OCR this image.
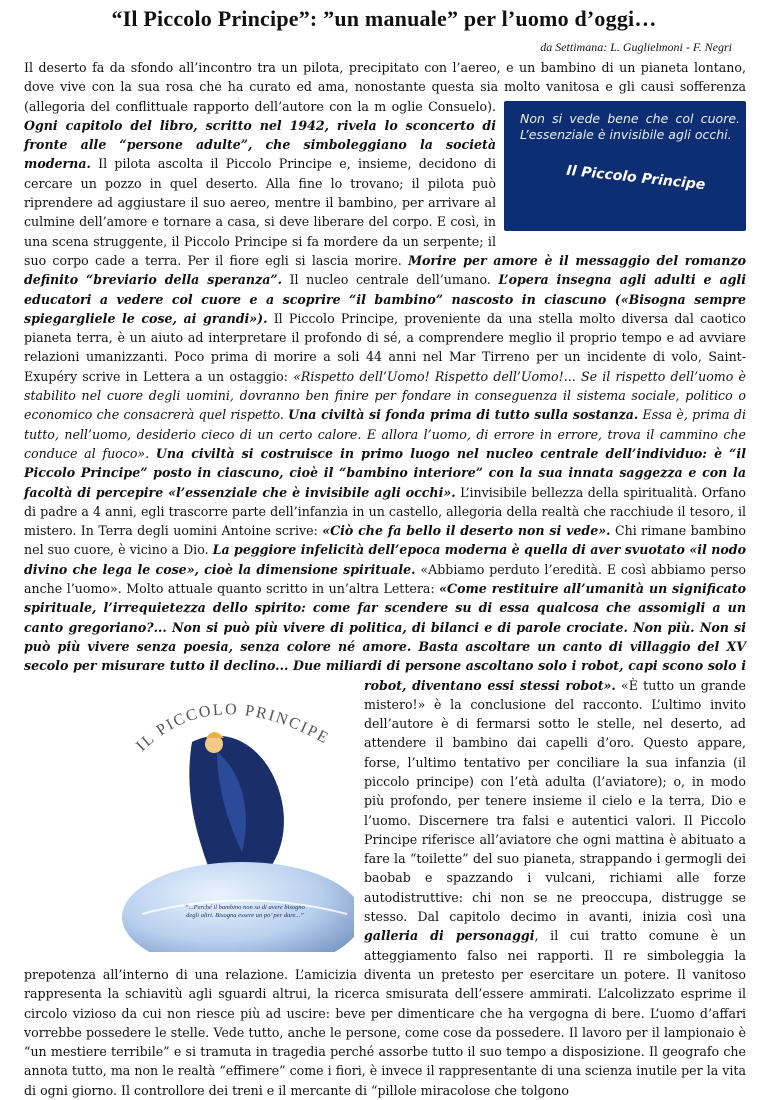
“Il Piccolo Principe”: ”un manuale” per l’uomo d’oggi…

da Settimana: L. Guglielmoni - F. Negri

Il deserto fa da sfondo all’incontro tra un pilota, precipitato con l’aereo, e un bambino di un pianeta lontano, dove vive con la sua rosa che ha curato ed ama, nonostante questa sia molto vanitosa e gli causi sofferenza (allegoria del conflittuale rapporto dell’autore con la m oglie Consuelo).
Non si vede bene che col cuore. L’essenziale è invisibile agli occhi.
Il Piccolo Principe
Ogni capitolo del libro, scritto nel 1942, rivela lo sconcerto di fronte alle “persone adulte”, che simboleggiano la società moderna. Il pilota ascolta il Piccolo Principe e, insieme, decidono di cercare un pozzo in quel deserto. Alla fine lo trovano; il pilota può riprendere ad aggiustare il suo aereo, mentre il bambino, per arrivare al culmine dell’amore e tornare a casa, si deve liberare del corpo. E così, in una scena struggente, il Piccolo Principe si fa mordere da un serpente; il suo corpo cade a terra. Per il fiore egli si lascia morire. Morire per amore è il messaggio del romanzo definito “breviario della speranza”. Il nucleo centrale dell’umano. L’opera insegna agli adulti e agli educatori a vedere col cuore e a scoprire “il bambino” nascosto in ciascuno («Bisogna sempre spiegargliele le cose, ai grandi»). Il Piccolo Principe, proveniente da una stella molto diversa dal caotico pianeta terra, è un aiuto ad interpretare il profondo di sé, a comprendere meglio il proprio tempo e ad avviare relazioni umanizzanti. Poco prima di morire a soli 44 anni nel Mar Tirreno per un incidente di volo, Saint-Exupéry scrive in Lettera a un ostaggio: «Rispetto dell’Uomo! Rispetto dell’Uomo!... Se il rispetto dell’uomo è stabilito nel cuore degli uomini, dovranno ben finire per fondare in conseguenza il sistema sociale, politico o economico che consacrerà quel rispetto. Una civiltà si fonda prima di tutto sulla sostanza. Essa è, prima di tutto, nell’uomo, desiderio cieco di un certo calore. E allora l’uomo, di errore in errore, trova il cammino che conduce al fuoco». Una civiltà si costruisce in primo luogo nel nucleo centrale dell’individuo: è “il Piccolo Principe” posto in ciascuno, cioè il “bambino interiore” con la sua innata saggezza e con la facoltà di percepire «l’essenziale che è invisibile agli occhi». L’invisibile bellezza della spiritualità. Orfano di padre a 4 anni, egli trascorre parte dell’infanzia in un castello, allegoria della realtà che racchiude il tesoro, il mistero. In Terra degli uomini Antoine scrive: «Ciò che fa bello il deserto non si vede». Chi rimane bambino nel suo cuore, è vicino a Dio. La peggiore infelicità dell’epoca moderna è quella di aver svuotato «il nodo divino che lega le cose», cioè la dimensione spirituale. «Abbiamo perduto l’eredità. E così abbiamo perso anche l’uomo». Molto attuale quanto scritto in un’altra Lettera: «Come restituire all’umanità un significato spirituale, l’irrequietezza dello spirito: come far scendere su di essa qualcosa che assomigli a un canto gregoriano?... Non si può più vivere di politica, di bilanci e di parole crociate. Non più. Non si può più vivere senza poesia, senza colore né amore. Basta ascoltare un canto di villaggio del XV secolo per misurare tutto il declino... Due miliardi di persone ascoltano solo i robot, capi scono solo i robot, diventano essi stessi robot».
IL PICCOLO PRINCIPE
“...Perché il bambino non sa di avere bisogno degli altri. Bisogna essere un po’ per dare...”
«È tutto un grande mistero!» è la conclusione del racconto. L’ultimo invito dell’autore è di fermarsi sotto le stelle, nel deserto, ad attendere il bambino dai capelli d’oro. Questo appare, forse, l’ultimo tentativo per conciliare la sua infanzia (il piccolo principe) con l’età adulta (l’aviatore); o, in modo più profondo, per tenere insieme il cielo e la terra, Dio e l’uomo. Discernere tra falsi e autentici valori. Il Piccolo Principe riferisce all’aviatore che ogni mattina è abituato a fare la “toilette” del suo pianeta, strappando i germogli dei baobab e spazzando i vulcani, richiami alle forze autodistruttive: chi non se ne preoccupa, distrugge se stesso. Dal capitolo decimo in avanti, inizia così una galleria di personaggi, il cui tratto comune è un atteggiamento falso nei rapporti. Il re simboleggia la prepotenza all’interno di una relazione. L’amicizia diventa un pretesto per esercitare un potere. Il vanitoso rappresenta la schiavitù agli sguardi altrui, la ricerca smisurata dell’essere ammirati. L’alcolizzato esprime il circolo vizioso da cui non riesce più ad uscire: beve per dimenticare che ha vergogna di bere. L’uomo d’affari vorrebbe possedere le stelle. Vede tutto, anche le persone, come cose da possedere. Il lavoro per il lampionaio è “un mestiere terribile” e si tramuta in tragedia perché assorbe tutto il suo tempo a disposizione. Il geografo che annota tutto, ma non le realtà “effimere” come i fiori, è invece il rappresentante di una scienza inutile per la vita di ogni giorno. Il controllore dei treni e il mercante di “pillole miracolose che tolgono
